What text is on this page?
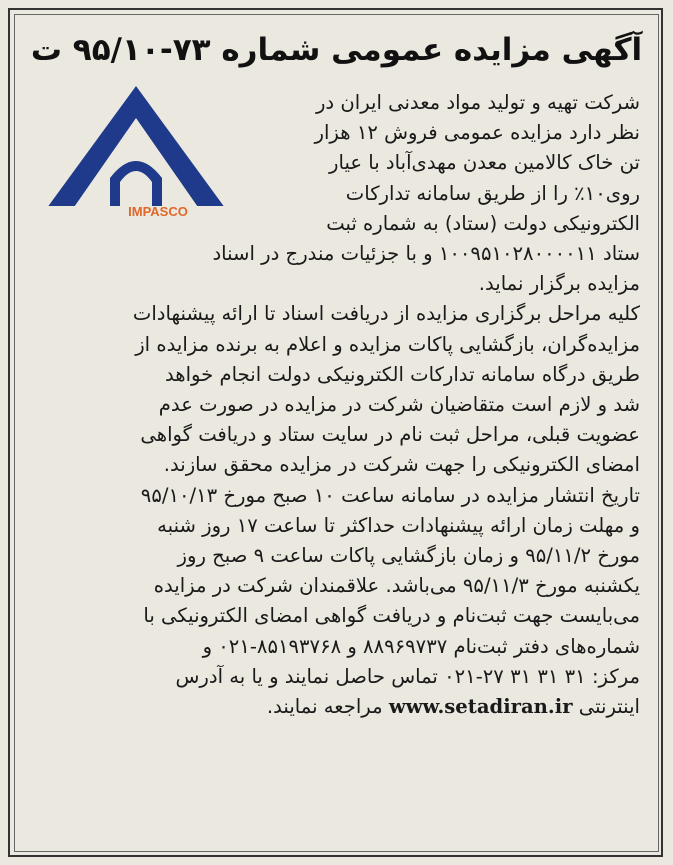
آگهی مزایده عمومی شماره ۷۳-۹۵/۱۰ ت
IMPASCO
شرکت تهیه و تولید مواد معدنی ایران در
نظر دارد مزایده عمومی فروش ۱۲ هزار
تن خاک کالامین معدن مهدی‌آباد با عیار
روی۱۰٪ را از طریق سامانه تدارکات
الکترونیکی دولت (ستاد) به شماره ثبت
ستاد ۱۰۰۹۵۱۰۲۸۰۰۰۰۱۱ و با جزئیات مندرج در اسناد
مزایده برگزار نماید.
کلیه مراحل برگزاری مزایده از دریافت اسناد تا ارائه پیشنهادات
مزایده‌گران، بازگشایی پاکات مزایده و اعلام به برنده مزایده از
طریق درگاه سامانه تدارکات الکترونیکی دولت انجام خواهد
شد و لازم است متقاضیان شرکت در مزایده در صورت عدم
عضویت قبلی، مراحل ثبت نام در سایت ستاد و دریافت گواهی
امضای الکترونیکی را جهت شرکت در مزایده محقق سازند.
تاریخ انتشار مزایده در سامانه ساعت ۱۰ صبح مورخ ۹۵/۱۰/۱۳
و مهلت زمان ارائه پیشنهادات حداکثر تا ساعت ۱۷ روز شنبه
مورخ ۹۵/۱۱/۲ و زمان بازگشایی پاکات ساعت ۹ صبح روز
یکشنبه مورخ ۹۵/۱۱/۳ می‌باشد. علاقمندان شرکت در مزایده
می‌بایست جهت ثبت‌نام و دریافت گواهی امضای الکترونیکی با
شماره‌های دفتر ثبت‌نام ۸۸۹۶۹۷۳۷ و ۸۵۱۹۳۷۶۸-۰۲۱ و
مرکز: ۳۱ ۳۱ ۳۱ ۲۷-۰۲۱ تماس حاصل نمایند و یا به آدرس
اینترنتی www.setadiran.ir مراجعه نمایند.
